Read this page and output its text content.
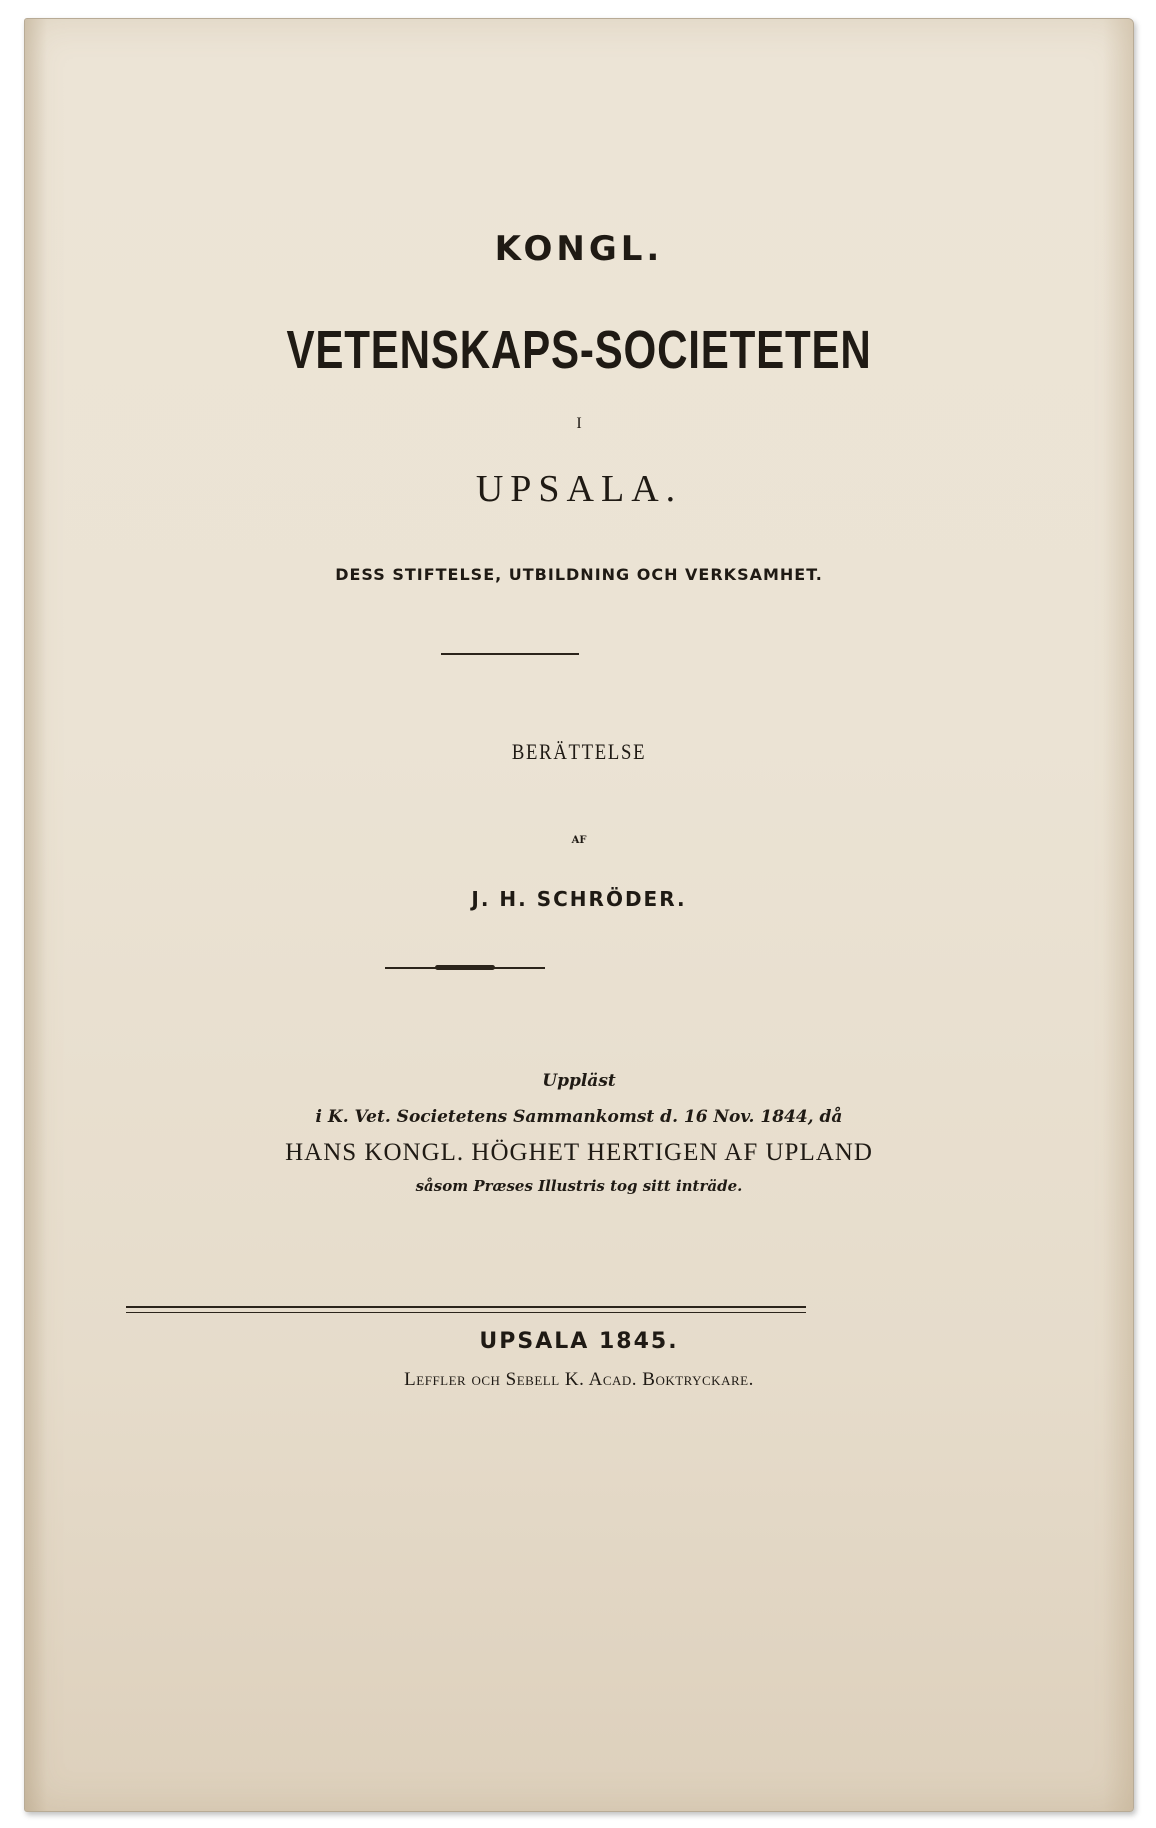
KONGL.
VETENSKAPS-SOCIETETEN
I
UPSALA.
DESS STIFTELSE, UTBILDNING OCH VERKSAMHET.
BERÄTTELSE
AF
J. H. SCHRÖDER.
Uppläst
i K. Vet. Societetens Sammankomst d. 16 Nov. 1844, då
HANS KONGL. HÖGHET HERTIGEN AF UPLAND
såsom Præses Illustris tog sitt inträde.
UPSALA 1845.
Leffler och Sebell K. Acad. Boktryckare.
